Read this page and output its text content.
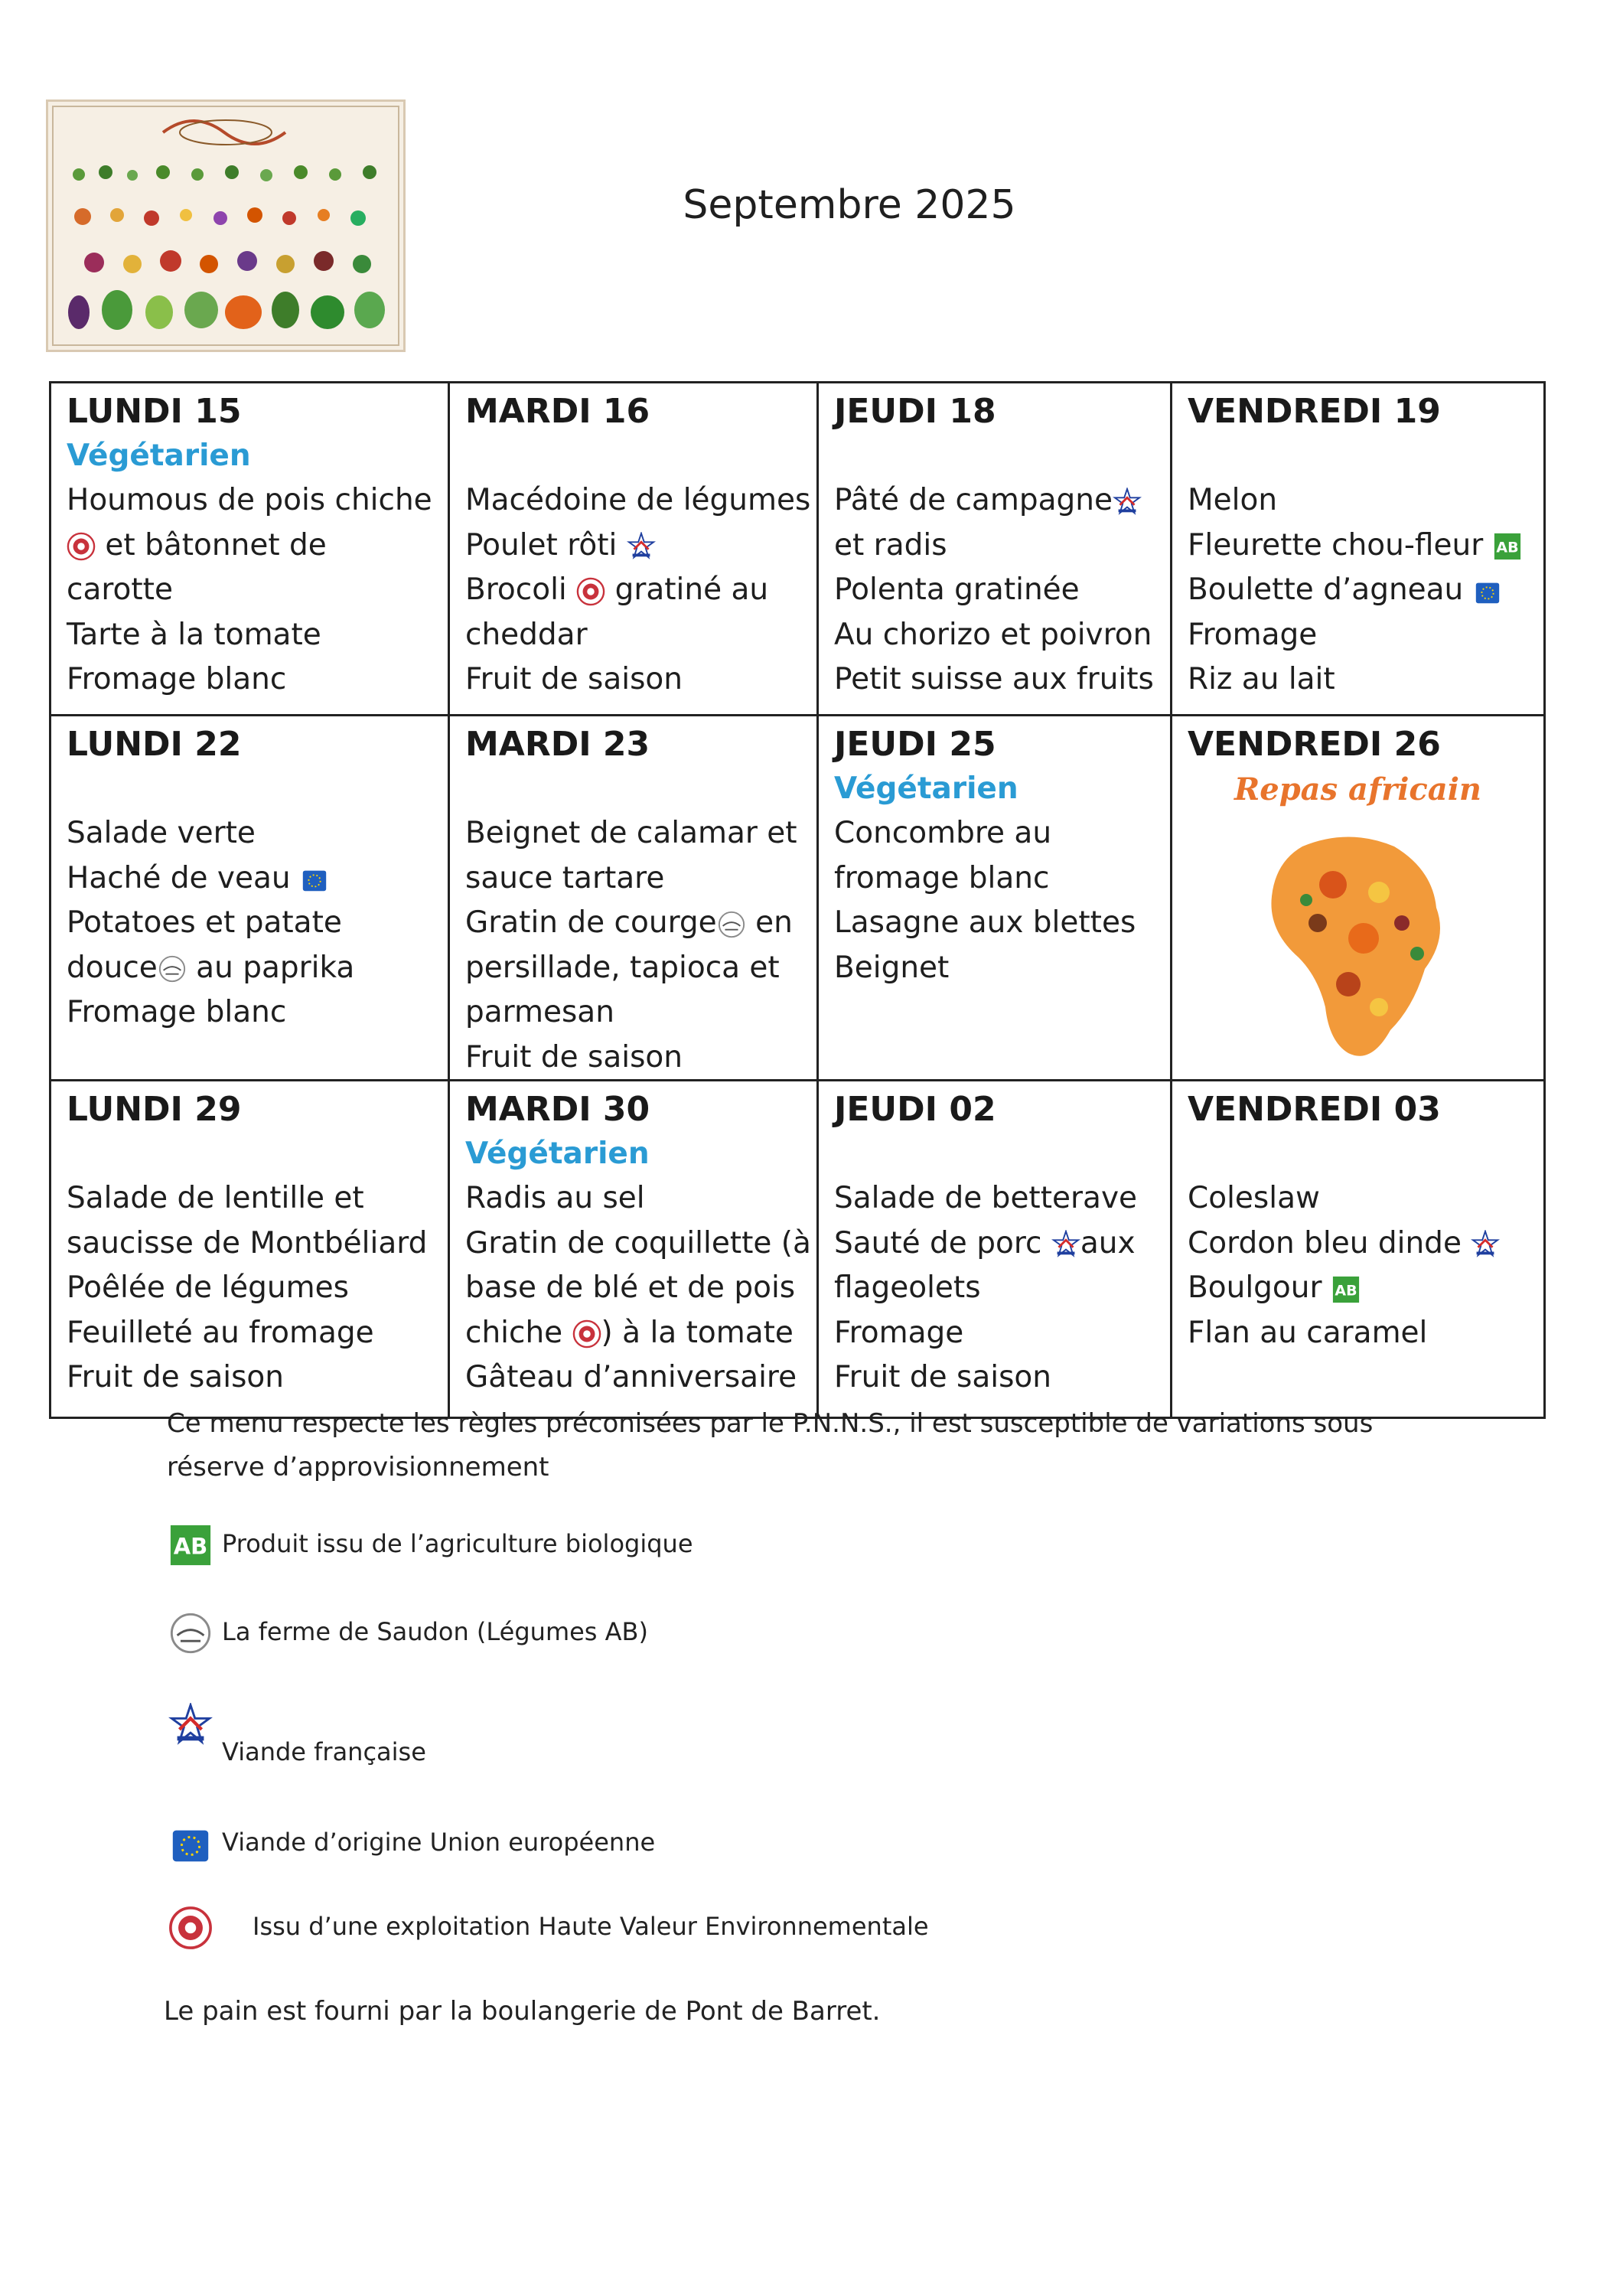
Septembre 2025
LUNDI 15
Végétarien
Houmous de pois chiche
et bâtonnet de
carotte
Tarte à la tomate
Fromage blanc
MARDI 16
Macédoine de légumes
Poulet rôti
Brocoli
gratiné au
cheddar
Fruit de saison
JEUDI 18
Pâté de campagne
et radis
Polenta gratinée
Au chorizo et poivron
Petit suisse aux fruits
VENDREDI 19
Melon
Fleurette chou-fleur AB
Boulette d’agneau
Fromage
Riz au lait
LUNDI 22
Salade verte
Haché de veau
Potatoes et patate
douce
au paprika
Fromage blanc
MARDI 23
Beignet de calamar et
sauce tartare
Gratin de courge
en
persillade, tapioca et
parmesan
Fruit de saison
JEUDI 25
Végétarien
Concombre au
fromage blanc
Lasagne aux blettes
Beignet
VENDREDI 26
Repas africain
LUNDI 29
Salade de lentille et
saucisse de Montbéliard
Poêlée de légumes
Feuilleté au fromage
Fruit de saison
MARDI 30
Végétarien
Radis au sel
Gratin de coquillette (à
base de blé et de pois
chiche
) à la tomate
Gâteau d’anniversaire
JEUDI 02
Salade de betterave
Sauté de porc
aux
flageolets
Fromage
Fruit de saison
VENDREDI 03
Coleslaw
Cordon bleu dinde
Boulgour AB
Flan au caramel
Ce menu respecte les règles préconisées par le P.N.N.S., il est susceptible de variations sous
réserve d’approvisionnement
AB Produit issu de l’agriculture biologique
La ferme de Saudon (Légumes AB)
Viande française
Viande d’origine Union européenne
Issu d’une exploitation Haute Valeur Environnementale
Le pain est fourni par la boulangerie de Pont de Barret.
